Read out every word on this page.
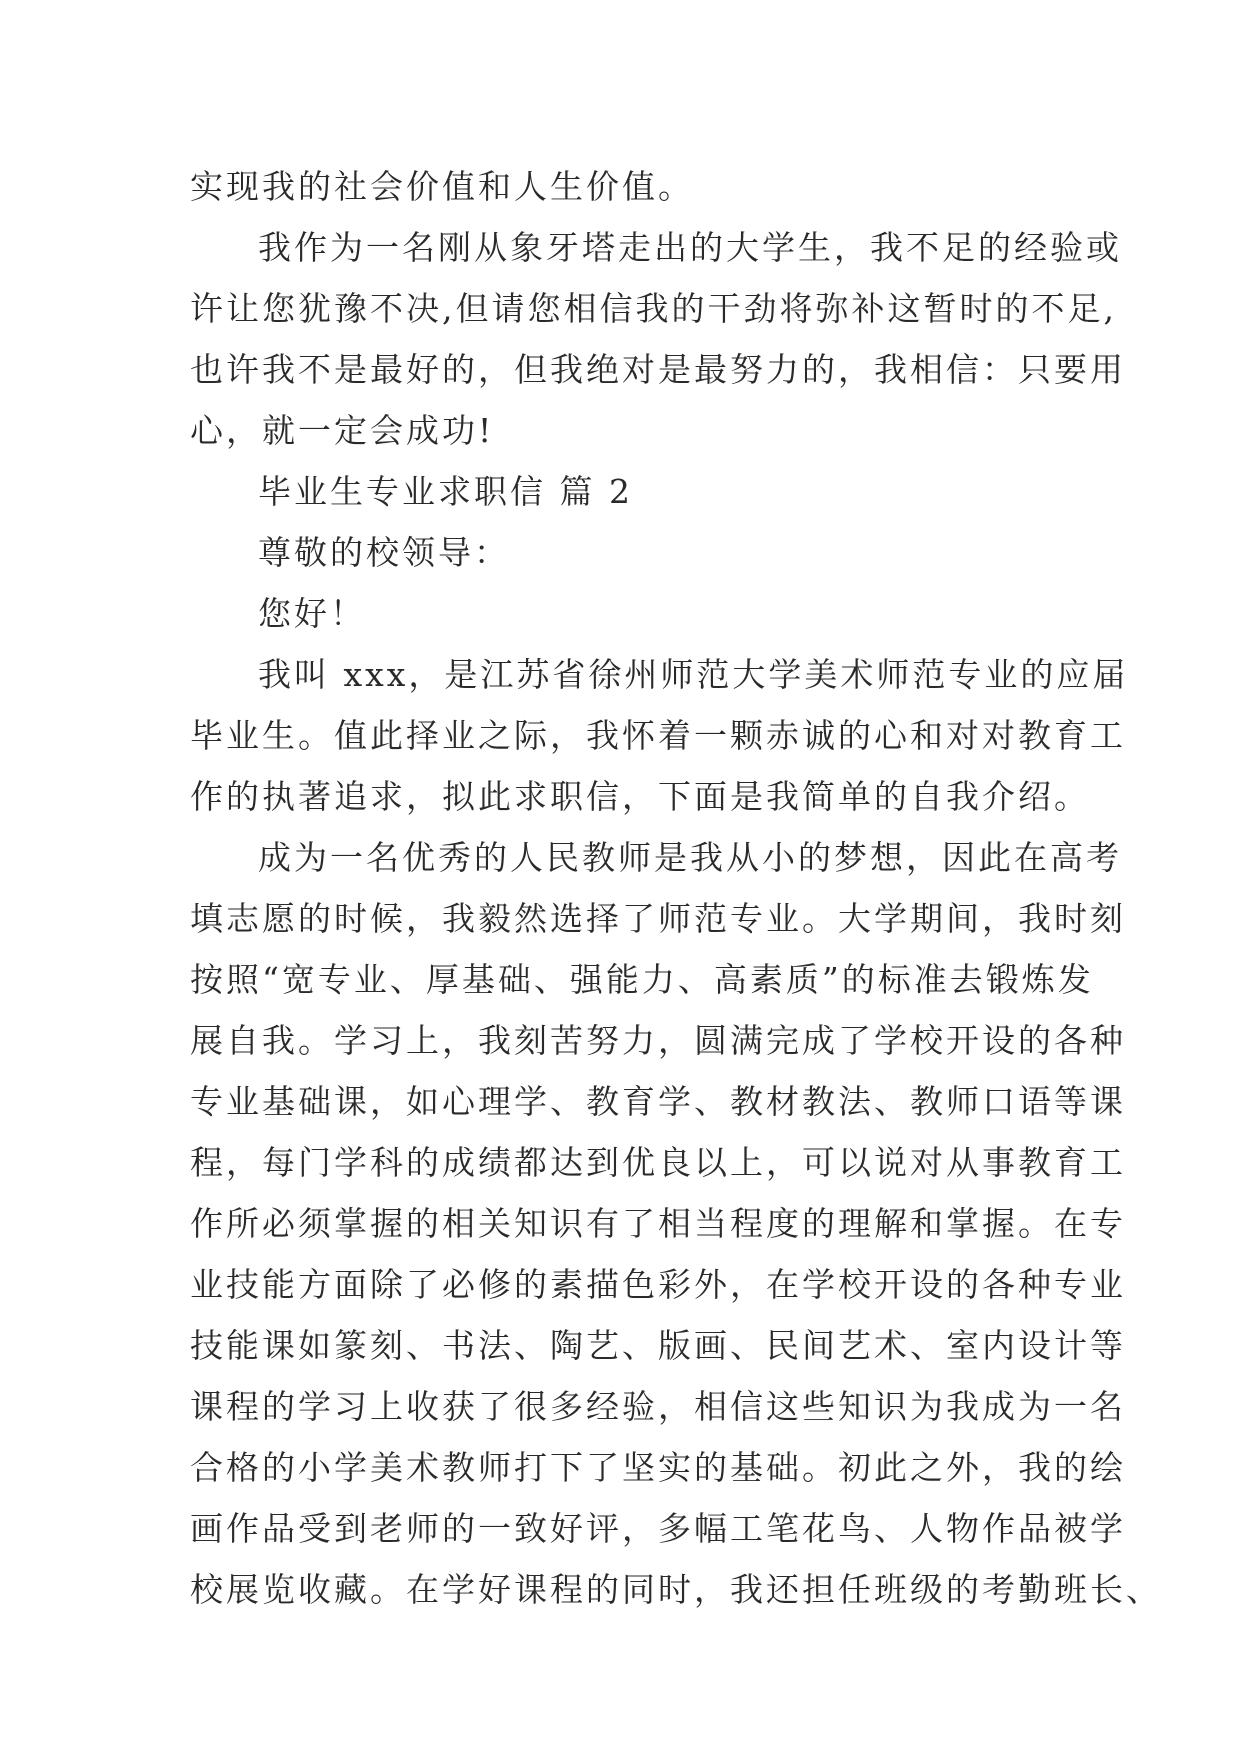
实现我的社会价值和人生价值。
我作为一名刚从象牙塔走出的大学生，我不足的经验或
许让您犹豫不决,但请您相信我的干劲将弥补这暂时的不足,
也许我不是最好的，但我绝对是最努力的，我相信：只要用
心，就一定会成功!
毕业生专业求职信 篇 2
尊敬的校领导：
您好！
我叫 xxx，是江苏省徐州师范大学美术师范专业的应届
毕业生。值此择业之际，我怀着一颗赤诚的心和对对教育工
作的执著追求，拟此求职信，下面是我简单的自我介绍。
成为一名优秀的人民教师是我从小的梦想，因此在高考
填志愿的时候，我毅然选择了师范专业。大学期间，我时刻
按照“宽专业、厚基础、强能力、高素质”的标准去锻炼发
展自我。学习上，我刻苦努力，圆满完成了学校开设的各种
专业基础课，如心理学、教育学、教材教法、教师口语等课
程，每门学科的成绩都达到优良以上，可以说对从事教育工
作所必须掌握的相关知识有了相当程度的理解和掌握。在专
业技能方面除了必修的素描色彩外，在学校开设的各种专业
技能课如篆刻、书法、陶艺、版画、民间艺术、室内设计等
课程的学习上收获了很多经验，相信这些知识为我成为一名
合格的小学美术教师打下了坚实的基础。初此之外，我的绘
画作品受到老师的一致好评，多幅工笔花鸟、人物作品被学
校展览收藏。在学好课程的同时，我还担任班级的考勤班长、
